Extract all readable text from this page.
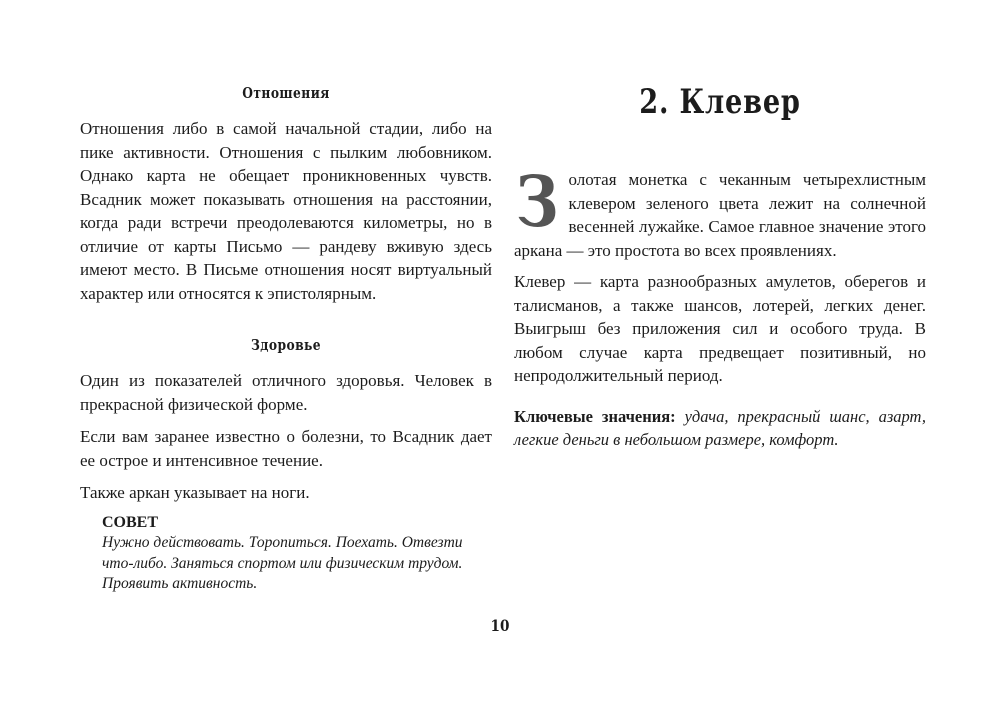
Отношения

Отношения либо в самой начальной стадии, либо на пике активности. Отношения с пылким любовником. Однако карта не обещает проникновенных чувств. Всадник может показывать отношения на расстоянии, когда ради встречи преодолеваются километры, но в отличие от карты Письмо — рандеву вживую здесь имеют место. В Письме отношения носят виртуальный характер или относятся к эпистолярным.

Здоровье

Один из показателей отличного здоровья. Человек в прекрасной физической форме.

Если вам заранее известно о болезни, то Всадник дает ее острое и интенсивное течение.

Также аркан указывает на ноги.

СОВЕТ
Нужно действовать. Торопиться. Поехать. Отвезти что-либо. Заняться спортом или физическим трудом. Проявить активность.
2. Клевер

Золотая монетка с чеканным четырехлистным клевером зеленого цвета лежит на солнечной весенней лужайке. Самое главное значение этого аркана — это простота во всех проявлениях.

Клевер — карта разнообразных амулетов, оберегов и талисманов, а также шансов, лотерей, легких денег. Выигрыш без приложения сил и особого труда. В любом случае карта предвещает позитивный, но непродолжительный период.

Ключевые значения: удача, прекрасный шанс, азарт, легкие деньги в небольшом размере, комфорт.

10
